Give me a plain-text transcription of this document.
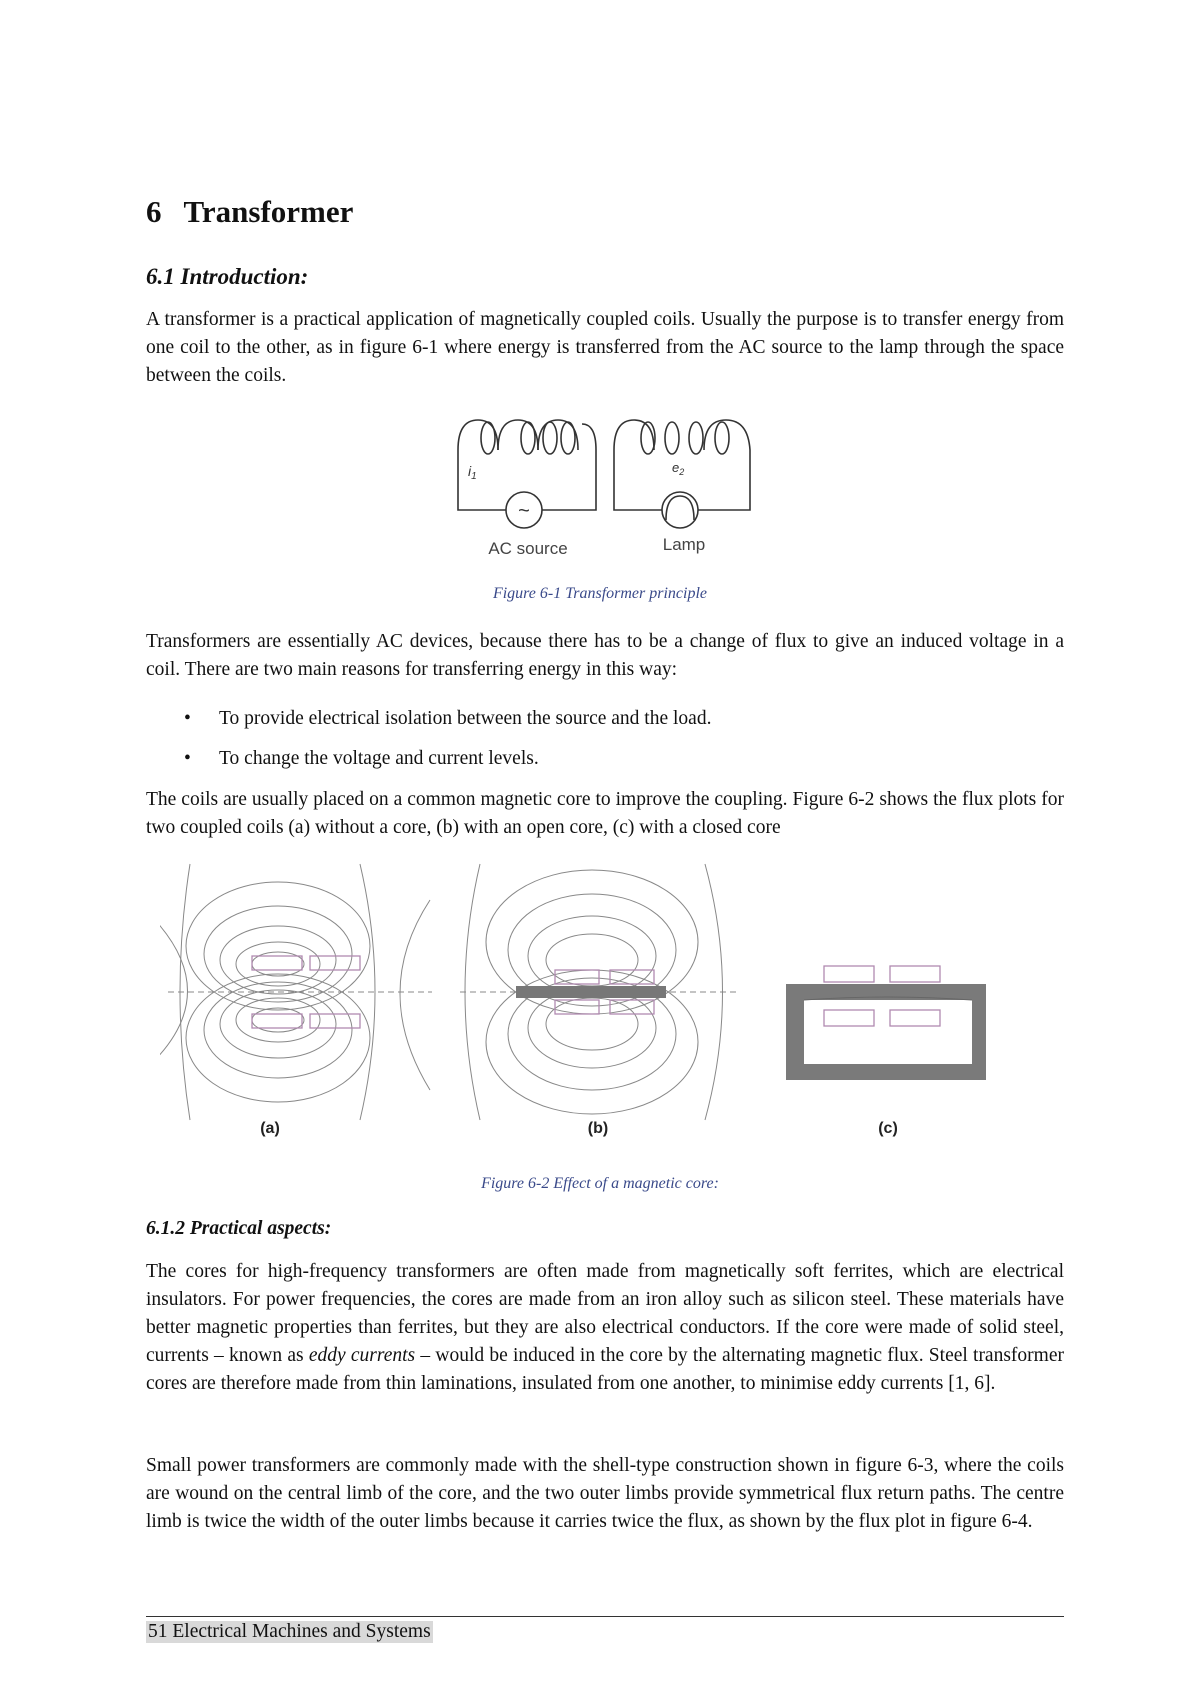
6 Transformer
6.1 Introduction:

A transformer is a practical application of magnetically coupled coils. Usually the purpose is to transfer energy from one coil to the other, as in figure 6-1 where energy is transferred from the AC source to the lamp through the space between the coils.

$i_1$
$e_2$
~
AC source	Lamp

Figure 6-1 Transformer principle

Transformers are essentially AC devices, because there has to be a change of flux to give an induced voltage in a coil. There are two main reasons for transferring energy in this way:

• To provide electrical isolation between the source and the load.
• To change the voltage and current levels.

The coils are usually placed on a common magnetic core to improve the coupling. Figure 6-2 shows the flux plots for two coupled coils (a) without a core, (b) with an open core, (c) with a closed core

(a)	(b)	(c)

Figure 6-2 Effect of a magnetic core:

6.1.2 Practical aspects:

The cores for high-frequency transformers are often made from magnetically soft ferrites, which are electrical insulators. For power frequencies, the cores are made from an iron alloy such as silicon steel. These materials have better magnetic properties than ferrites, but they are also electrical conductors. If the core were made of solid steel, currents – known as eddy currents – would be induced in the core by the alternating magnetic flux. Steel transformer cores are therefore made from thin laminations, insulated from one another, to minimise eddy currents [1, 6].

Small power transformers are commonly made with the shell-type construction shown in figure 6-3, where the coils are wound on the central limb of the core, and the two outer limbs provide symmetrical flux return paths. The centre limb is twice the width of the outer limbs because it carries twice the flux, as shown by the flux plot in figure 6-4.

51 Electrical Machines and Systems
